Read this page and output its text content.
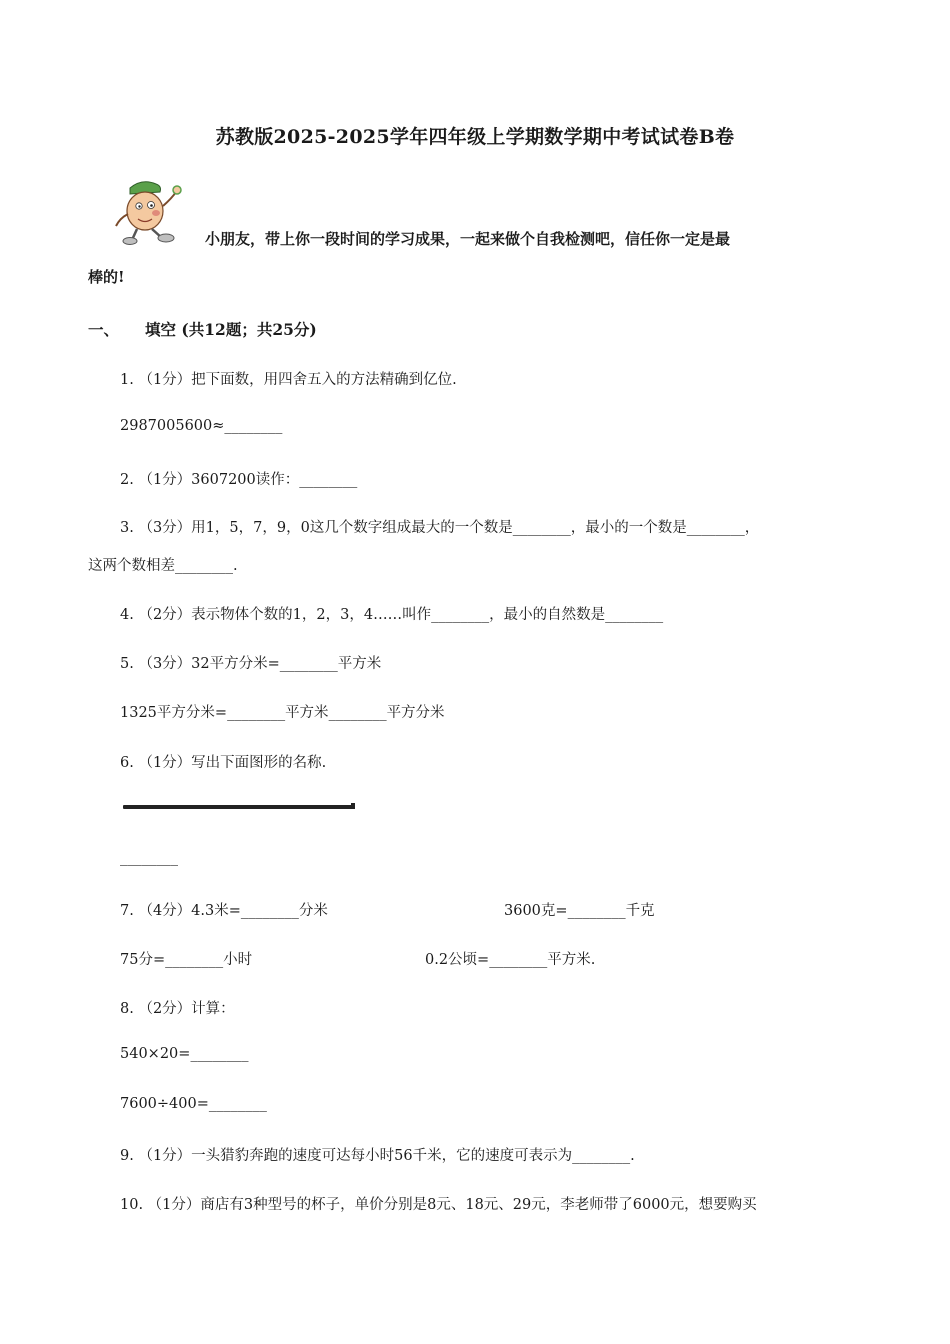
苏教版2025-2025学年四年级上学期数学期中考试试卷B卷
小朋友，带上你一段时间的学习成果，一起来做个自我检测吧，信任你一定是最
棒的!
一、 填空 (共12题；共25分)
1. （1分）把下面数，用四舍五入的方法精确到亿位.
2987005600≈________
2. （1分）3607200读作：________
3. （3分）用1，5，7，9，0这几个数字组成最大的一个数是________，最小的一个数是________，
这两个数相差________.
4. （2分）表示物体个数的1，2，3，4……叫作________，最小的自然数是________
5. （3分）32平方分米=________平方米
1325平方分米=________平方米________平方分米
6. （1分）写出下面图形的名称.
________
7. （4分）4.3米=________分米	3600克=________千克
75分=________小时	0.2公顷=________平方米.
8. （2分）计算：
540×20=________
7600÷400=________
9. （1分）一头猎豹奔跑的速度可达每小时56千米，它的速度可表示为________.
10. （1分）商店有3种型号的杯子，单价分别是8元、18元、29元，李老师带了6000元，想要购买
